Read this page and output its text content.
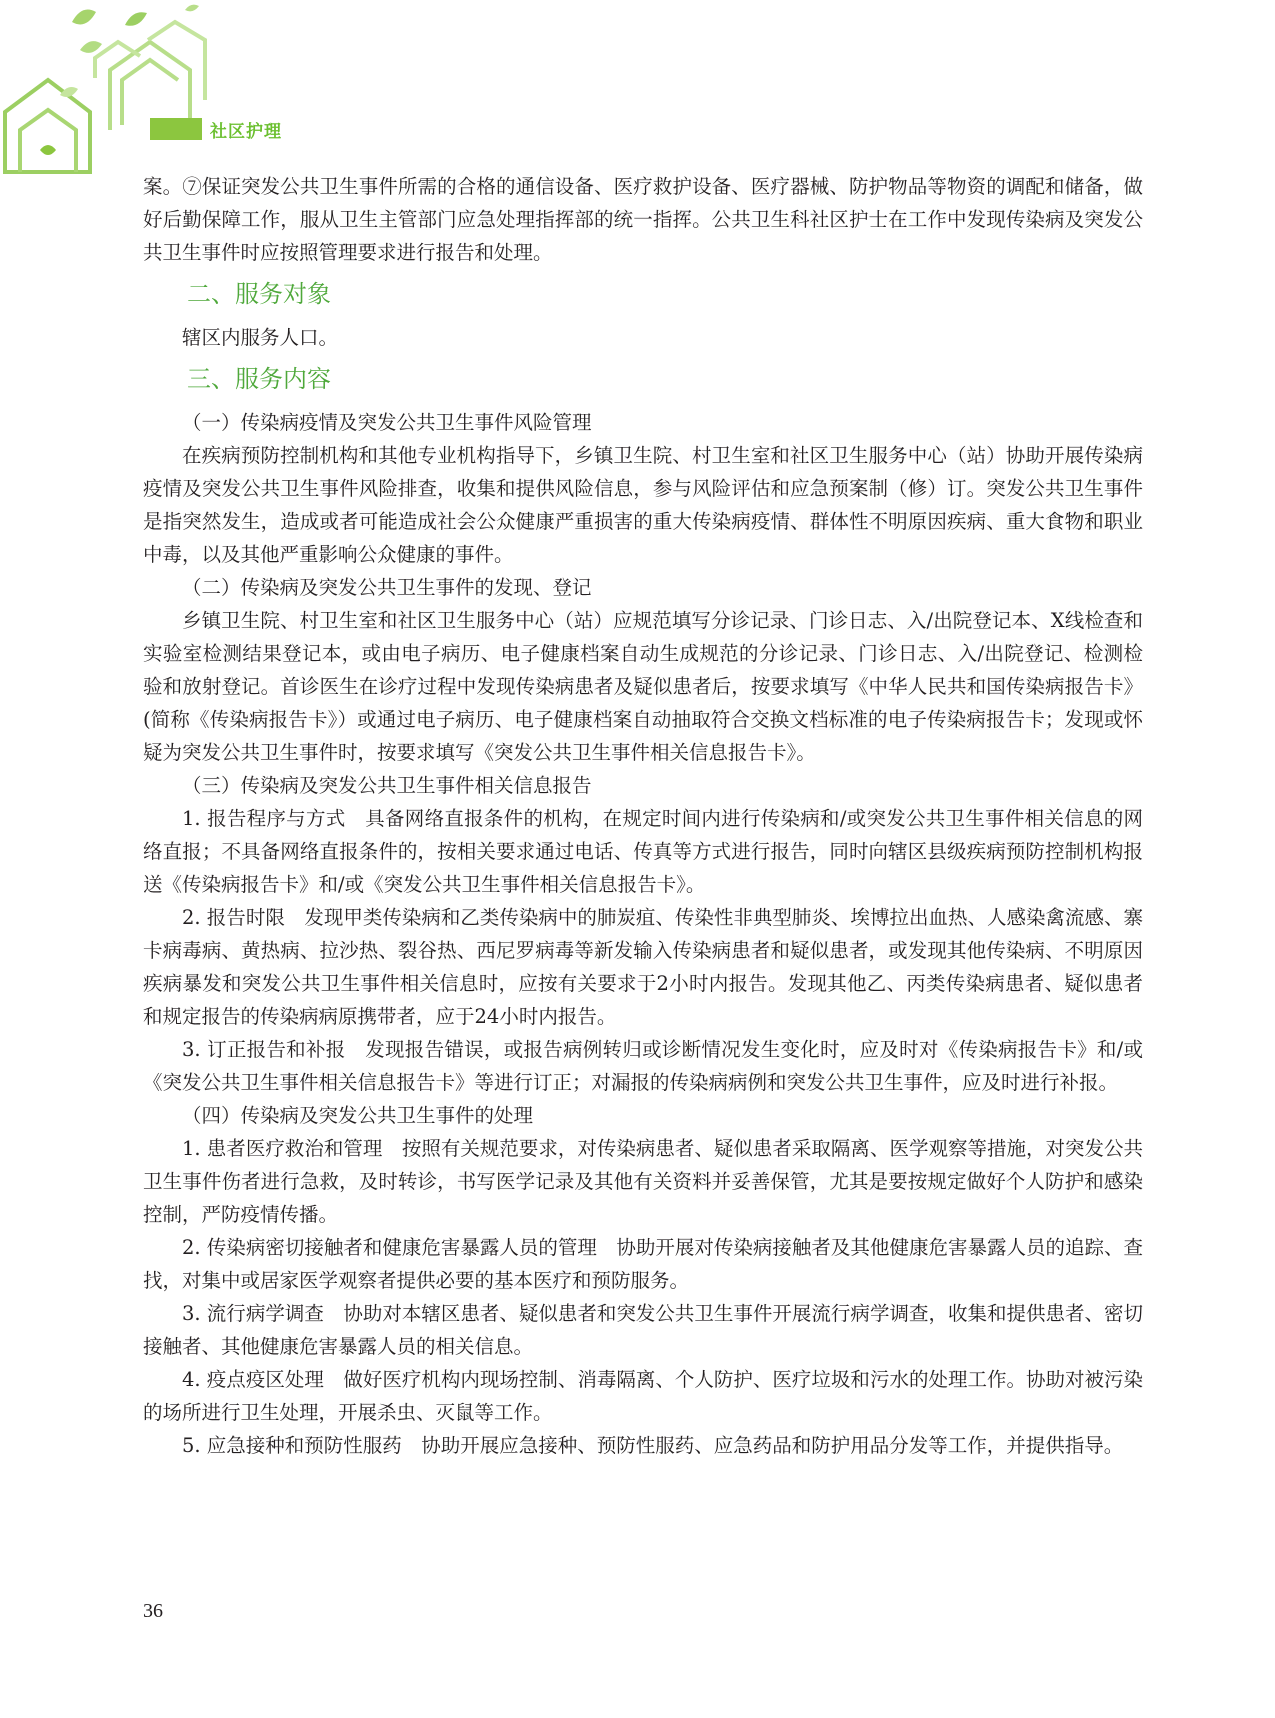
社区护理

案。⑦保证突发公共卫生事件所需的合格的通信设备、医疗救护设备、医疗器械、防护物品等物资的调配和储备，做好后勤保障工作，服从卫生主管部门应急处理指挥部的统一指挥。公共卫生科社区护士在工作中发现传染病及突发公共卫生事件时应按照管理要求进行报告和处理。

二、服务对象

辖区内服务人口。

三、服务内容

（一）传染病疫情及突发公共卫生事件风险管理

在疾病预防控制机构和其他专业机构指导下，乡镇卫生院、村卫生室和社区卫生服务中心（站）协助开展传染病疫情及突发公共卫生事件风险排查，收集和提供风险信息，参与风险评估和应急预案制（修）订。突发公共卫生事件是指突然发生，造成或者可能造成社会公众健康严重损害的重大传染病疫情、群体性不明原因疾病、重大食物和职业中毒，以及其他严重影响公众健康的事件。

（二）传染病及突发公共卫生事件的发现、登记

乡镇卫生院、村卫生室和社区卫生服务中心（站）应规范填写分诊记录、门诊日志、入/出院登记本、X线检查和实验室检测结果登记本，或由电子病历、电子健康档案自动生成规范的分诊记录、门诊日志、入/出院登记、检测检验和放射登记。首诊医生在诊疗过程中发现传染病患者及疑似患者后，按要求填写《中华人民共和国传染病报告卡》(简称《传染病报告卡》）或通过电子病历、电子健康档案自动抽取符合交换文档标准的电子传染病报告卡；发现或怀疑为突发公共卫生事件时，按要求填写《突发公共卫生事件相关信息报告卡》。

（三）传染病及突发公共卫生事件相关信息报告

1. 报告程序与方式　具备网络直报条件的机构，在规定时间内进行传染病和/或突发公共卫生事件相关信息的网络直报；不具备网络直报条件的，按相关要求通过电话、传真等方式进行报告，同时向辖区县级疾病预防控制机构报送《传染病报告卡》和/或《突发公共卫生事件相关信息报告卡》。

2. 报告时限　发现甲类传染病和乙类传染病中的肺炭疽、传染性非典型肺炎、埃博拉出血热、人感染禽流感、寨卡病毒病、黄热病、拉沙热、裂谷热、西尼罗病毒等新发输入传染病患者和疑似患者，或发现其他传染病、不明原因疾病暴发和突发公共卫生事件相关信息时，应按有关要求于2小时内报告。发现其他乙、丙类传染病患者、疑似患者和规定报告的传染病病原携带者，应于24小时内报告。

3. 订正报告和补报　发现报告错误，或报告病例转归或诊断情况发生变化时，应及时对《传染病报告卡》和/或《突发公共卫生事件相关信息报告卡》等进行订正；对漏报的传染病病例和突发公共卫生事件，应及时进行补报。

（四）传染病及突发公共卫生事件的处理

1. 患者医疗救治和管理　按照有关规范要求，对传染病患者、疑似患者采取隔离、医学观察等措施，对突发公共卫生事件伤者进行急救，及时转诊，书写医学记录及其他有关资料并妥善保管，尤其是要按规定做好个人防护和感染控制，严防疫情传播。

2. 传染病密切接触者和健康危害暴露人员的管理　协助开展对传染病接触者及其他健康危害暴露人员的追踪、查找，对集中或居家医学观察者提供必要的基本医疗和预防服务。

3. 流行病学调查　协助对本辖区患者、疑似患者和突发公共卫生事件开展流行病学调查，收集和提供患者、密切接触者、其他健康危害暴露人员的相关信息。

4. 疫点疫区处理　做好医疗机构内现场控制、消毒隔离、个人防护、医疗垃圾和污水的处理工作。协助对被污染的场所进行卫生处理，开展杀虫、灭鼠等工作。

5. 应急接种和预防性服药　协助开展应急接种、预防性服药、应急药品和防护用品分发等工作，并提供指导。

36
